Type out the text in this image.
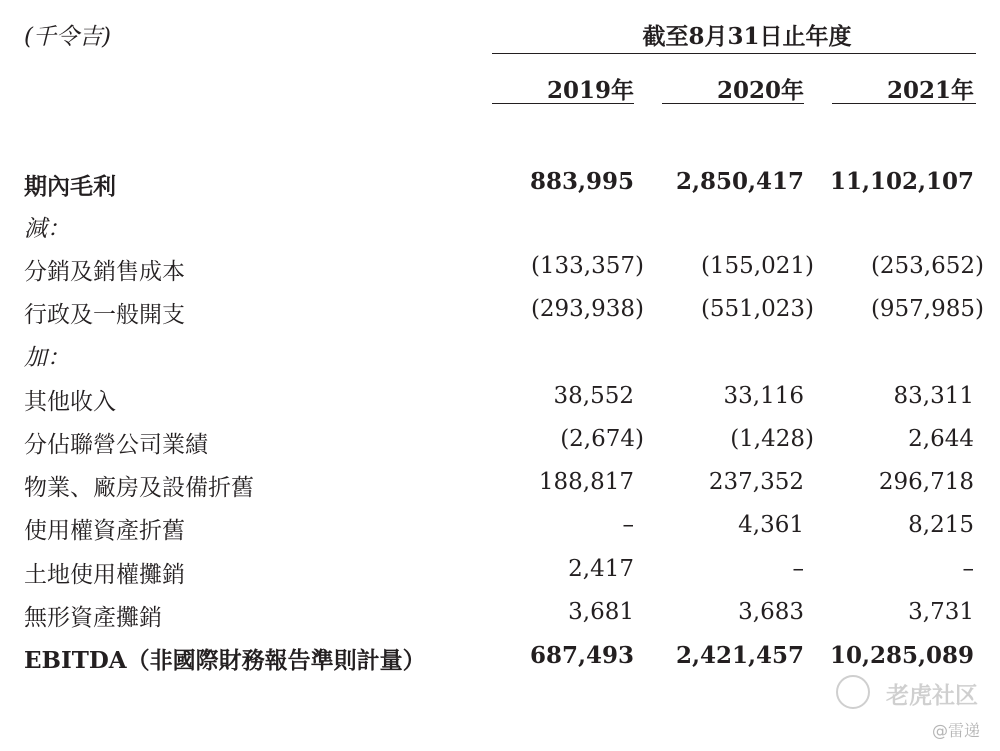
(千令吉)	截至8月31日止年度
2019年	2020年	2021年
期內毛利	883,995 2,850,417 11,102,107
減：
分銷及銷售成本	(133,357) (155,021) (253,652)
行政及一般開支	(293,938) (551,023) (957,985)
加：
其他收入	38,552	33,116	83,311
分佔聯營公司業績	(2,674)	(1,428)	2,644
物業、廠房及設備折舊	188,817	237,352	296,718
使用權資產折舊	–	4,361	8,215
土地使用權攤銷	2,417	–	–
無形資產攤銷	3,681	3,683	3,731
EBITDA（非國際財務報告準則計量）	687,493 2,421,457 10,285,089
老虎社区
@雷递
